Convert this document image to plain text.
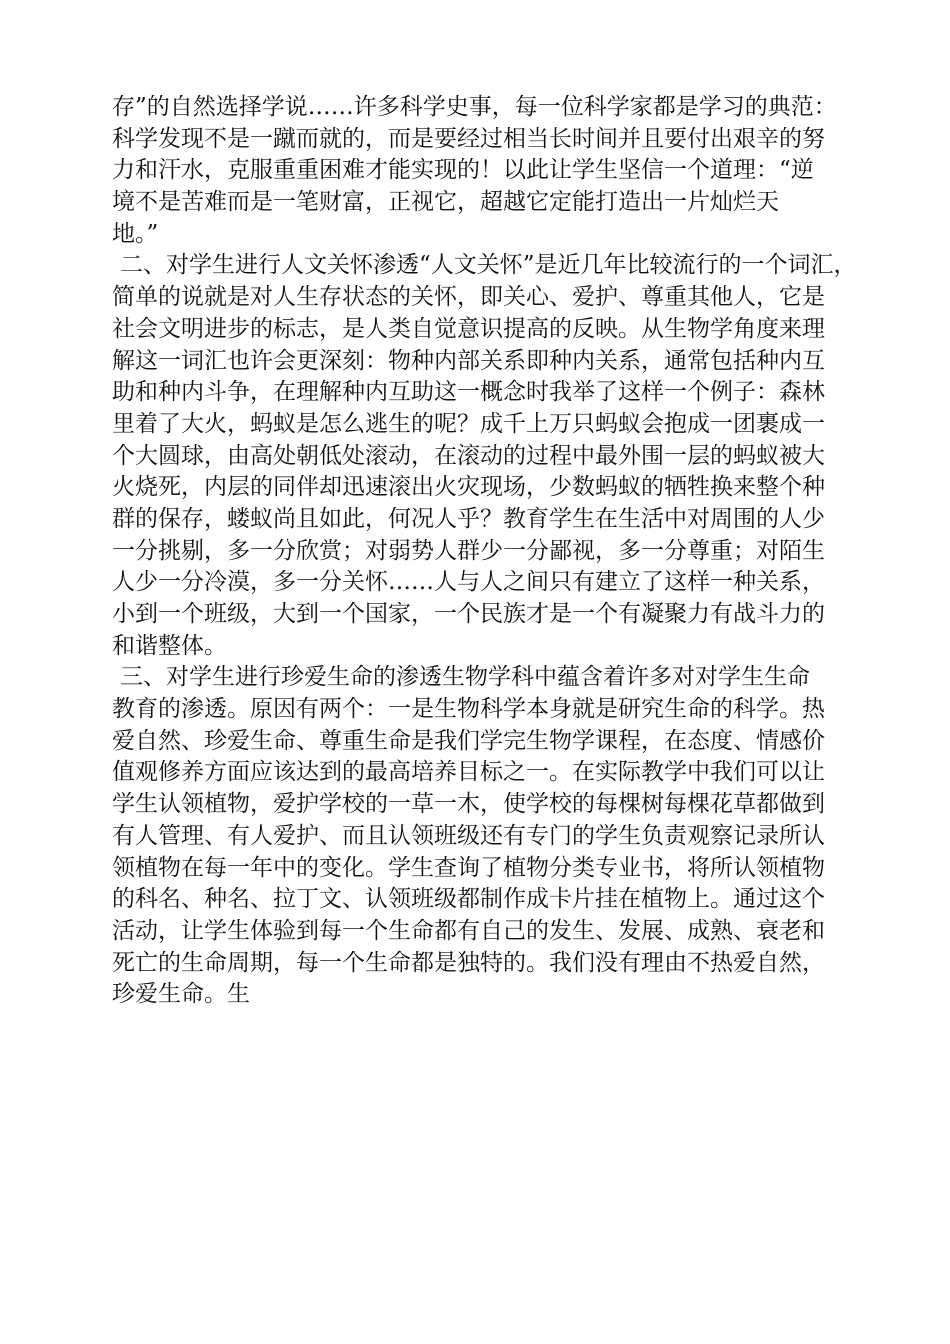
存”的自然选择学说……许多科学史事，每一位科学家都是学习的典范：
科学发现不是一蹴而就的，而是要经过相当长时间并且要付出艰辛的努
力和汗水，克服重重困难才能实现的！以此让学生坚信一个道理：“逆
境不是苦难而是一笔财富，正视它，超越它定能打造出一片灿烂天
地。”
二、对学生进行人文关怀渗透“人文关怀”是近几年比较流行的一个词汇，
简单的说就是对人生存状态的关怀，即关心、爱护、尊重其他人，它是
社会文明进步的标志，是人类自觉意识提高的反映。从生物学角度来理
解这一词汇也许会更深刻：物种内部关系即种内关系，通常包括种内互
助和种内斗争，在理解种内互助这一概念时我举了这样一个例子：森林
里着了大火，蚂蚁是怎么逃生的呢？成千上万只蚂蚁会抱成一团裹成一
个大圆球，由高处朝低处滚动，在滚动的过程中最外围一层的蚂蚁被大
火烧死，内层的同伴却迅速滚出火灾现场，少数蚂蚁的牺牲换来整个种
群的保存，蝼蚁尚且如此，何况人乎？教育学生在生活中对周围的人少
一分挑剔，多一分欣赏；对弱势人群少一分鄙视，多一分尊重；对陌生
人少一分冷漠，多一分关怀……人与人之间只有建立了这样一种关系，
小到一个班级，大到一个国家，一个民族才是一个有凝聚力有战斗力的
和谐整体。
三、对学生进行珍爱生命的渗透生物学科中蕴含着许多对对学生生命
教育的渗透。原因有两个：一是生物科学本身就是研究生命的科学。热
爱自然、珍爱生命、尊重生命是我们学完生物学课程，在态度、情感价
值观修养方面应该达到的最高培养目标之一。在实际教学中我们可以让
学生认领植物，爱护学校的一草一木，使学校的每棵树每棵花草都做到
有人管理、有人爱护、而且认领班级还有专门的学生负责观察记录所认
领植物在每一年中的变化。学生查询了植物分类专业书，将所认领植物
的科名、种名、拉丁文、认领班级都制作成卡片挂在植物上。通过这个
活动，让学生体验到每一个生命都有自己的发生、发展、成熟、衰老和
死亡的生命周期，每一个生命都是独特的。我们没有理由不热爱自然，
珍爱生命。生
